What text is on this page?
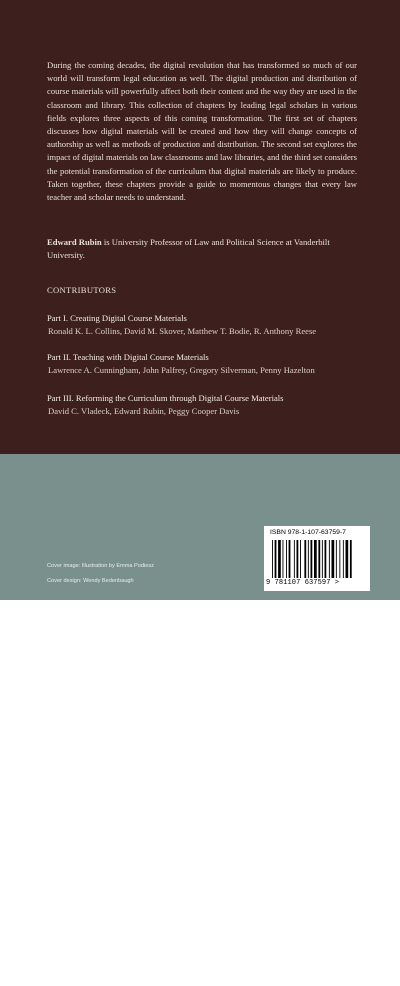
During the coming decades, the digital revolution that has transformed so much of our world will transform legal education as well. The digital production and distribution of course materials will powerfully affect both their content and the way they are used in the classroom and library. This collection of chapters by leading legal scholars in various fields explores three aspects of this coming transformation. The first set of chapters discusses how digital materials will be created and how they will change concepts of authorship as well as methods of production and distribution. The second set explores the impact of digital materials on law classrooms and law libraries, and the third set considers the potential transformation of the curriculum that digital materials are likely to produce. Taken together, these chapters provide a guide to momentous changes that every law teacher and scholar needs to understand.

Edward Rubin is University Professor of Law and Political Science at Vanderbilt University.

CONTRIBUTORS

Part I. Creating Digital Course Materials
Ronald K. L. Collins, David M. Skover, Matthew T. Bodie, R. Anthony Reese
Part II. Teaching with Digital Course Materials
Lawrence A. Cunningham, John Palfrey, Gregory Silverman, Penny Hazelton
Part III. Reforming the Curriculum through Digital Course Materials
David C. Vladeck, Edward Rubin, Peggy Cooper Davis
CAMBRIDGE
UNIVERSITY PRESS
www.cambridge.org
ISBN 978-1-107-63759-7
9 781107 637597 >
Cover image: Illustration by Emma Podiesz
Cover design: Wendy Bedenbaugh
